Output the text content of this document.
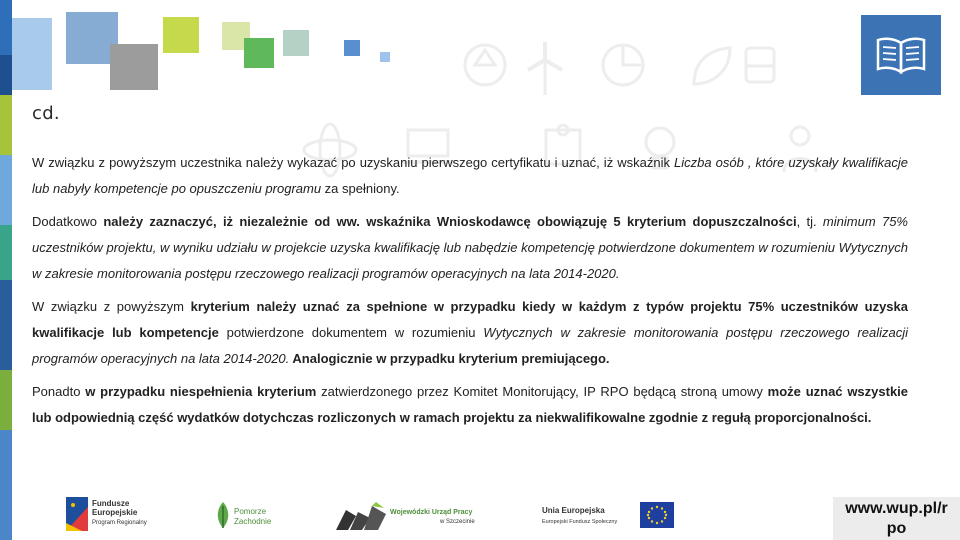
cd.

W związku z powyższym uczestnika należy wykazać po uzyskaniu pierwszego certyfikatu i uznać, iż wskaźnik Liczba osób , które uzyskały kwalifikacje lub nabyły kompetencje po opuszczeniu programu za spełniony.

Dodatkowo należy zaznaczyć, iż niezależnie od ww. wskaźnika Wnioskodawcę obowiązuję 5 kryterium dopuszczalności, tj. minimum 75% uczestników projektu, w wyniku udziału w projekcie uzyska kwalifikację lub nabędzie kompetencję potwierdzone dokumentem w rozumieniu Wytycznych w zakresie monitorowania postępu rzeczowego realizacji programów operacyjnych na lata 2014-2020.

W związku z powyższym kryterium należy uznać za spełnione w przypadku kiedy w każdym z typów projektu 75% uczestników uzyska kwalifikacje lub kompetencje potwierdzone dokumentem w rozumieniu Wytycznych w zakresie monitorowania postępu rzeczowego realizacji programów operacyjnych na lata 2014-2020. Analogicznie w przypadku kryterium premiującego.

Ponadto w przypadku niespełnienia kryterium zatwierdzonego przez Komitet Monitorujący, IP RPO będącą stroną umowy może uznać wszystkie lub odpowiednią część wydatków dotychczas rozliczonych w ramach projektu za niekwalifikowalne zgodnie z regułą proporcjonalności.

Fundusze
Europejskie
Program Regionalny
Pomorze
Zachodnie
Wojewódzki Urząd Pracy
w Szczecinie
Unia Europejska
Europejski Fundusz Społeczny
www.wup.pl/r
po
